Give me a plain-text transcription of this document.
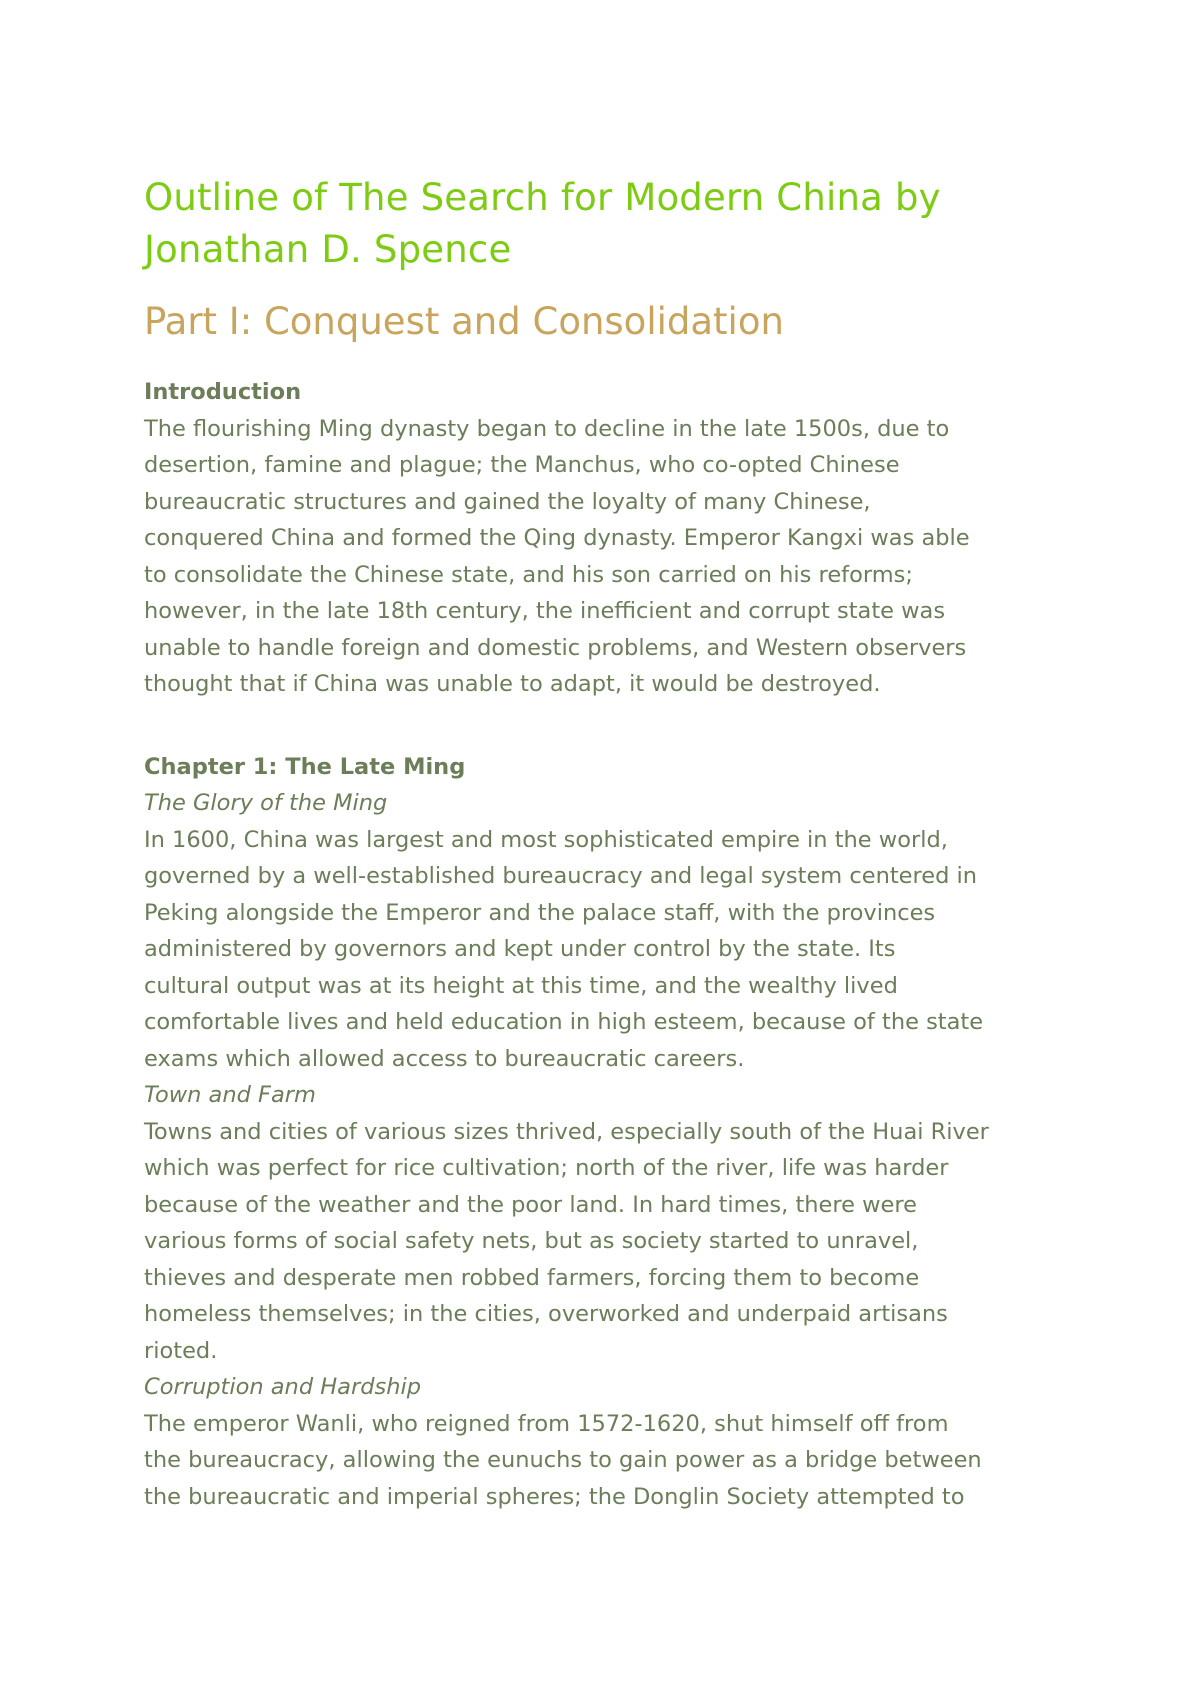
Outline of The Search for Modern China by
Jonathan D. Spence
Part I: Conquest and Consolidation
Introduction

The flourishing Ming dynasty began to decline in the late 1500s, due to
desertion, famine and plague; the Manchus, who co-opted Chinese
bureaucratic structures and gained the loyalty of many Chinese,
conquered China and formed the Qing dynasty. Emperor Kangxi was able
to consolidate the Chinese state, and his son carried on his reforms;
however, in the late 18th century, the inefficient and corrupt state was
unable to handle foreign and domestic problems, and Western observers
thought that if China was unable to adapt, it would be destroyed.

Chapter 1: The Late Ming
The Glory of the Ming

In 1600, China was largest and most sophisticated empire in the world,
governed by a well-established bureaucracy and legal system centered in
Peking alongside the Emperor and the palace staff, with the provinces
administered by governors and kept under control by the state. Its
cultural output was at its height at this time, and the wealthy lived
comfortable lives and held education in high esteem, because of the state
exams which allowed access to bureaucratic careers.

Town and Farm

Towns and cities of various sizes thrived, especially south of the Huai River
which was perfect for rice cultivation; north of the river, life was harder
because of the weather and the poor land. In hard times, there were
various forms of social safety nets, but as society started to unravel,
thieves and desperate men robbed farmers, forcing them to become
homeless themselves; in the cities, overworked and underpaid artisans
rioted.

Corruption and Hardship

The emperor Wanli, who reigned from 1572-1620, shut himself off from
the bureaucracy, allowing the eunuchs to gain power as a bridge between
the bureaucratic and imperial spheres; the Donglin Society attempted to
